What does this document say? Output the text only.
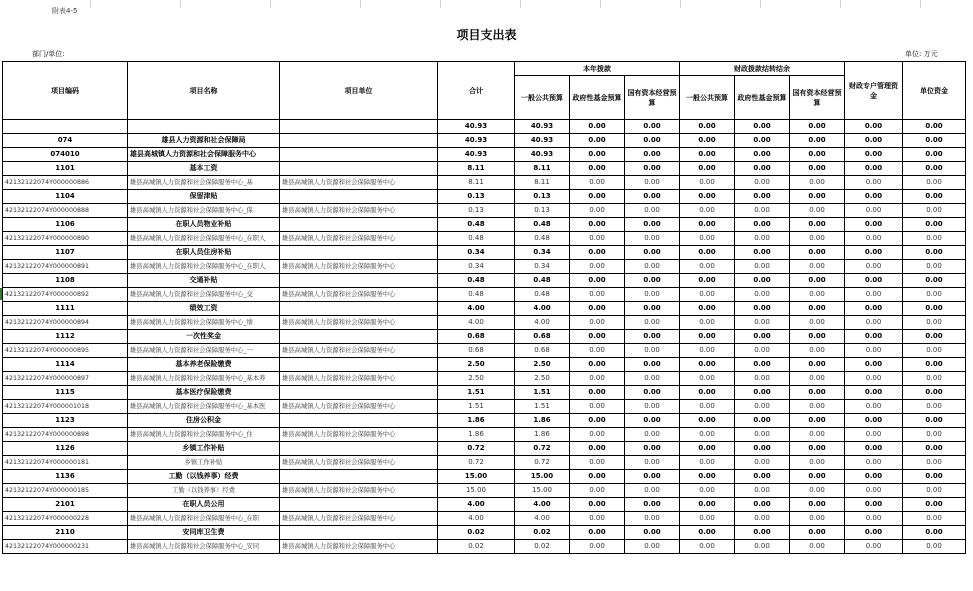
附表4-5
项目支出表
部门/单位:	单位: 万元
项目编码	项目名称	项目单位	合计	本年拨款			财政拨款结转结余			财政专户管理资金	单位资金
				一般公共预算	政府性基金预算	国有资本经营预算	一般公共预算	政府性基金预算	国有资本经营预算		
			40.93	40.93	0.00	0.00	0.00	0.00	0.00	0.00	0.00
074	雄县人力资源和社会保障局		40.93	40.93	0.00	0.00	0.00	0.00	0.00	0.00	0.00
074010	雄县高城镇人力资源和社会保障服务中心		40.93	40.93	0.00	0.00	0.00	0.00	0.00	0.00	0.00
1101	基本工资		8.11	8.11	0.00	0.00	0.00	0.00	0.00	0.00	0.00
42132122074Y000000886	雄县高城镇人力资源和社会保障服务中心_基	雄县高城镇人力资源和社会保障服务中心	8.11	8.11	0.00	0.00	0.00	0.00	0.00	0.00	0.00
1104	保留津贴		0.13	0.13	0.00	0.00	0.00	0.00	0.00	0.00	0.00
42132122074Y000000888	雄县高城镇人力资源和社会保障服务中心_保	雄县高城镇人力资源和社会保障服务中心	0.13	0.13	0.00	0.00	0.00	0.00	0.00	0.00	0.00
1106	在职人员物业补贴		0.48	0.48	0.00	0.00	0.00	0.00	0.00	0.00	0.00
42132122074Y000000890	雄县高城镇人力资源和社会保障服务中心_在职人	雄县高城镇人力资源和社会保障服务中心	0.48	0.48	0.00	0.00	0.00	0.00	0.00	0.00	0.00
1107	在职人员住房补贴		0.34	0.34	0.00	0.00	0.00	0.00	0.00	0.00	0.00
42132122074Y000000891	雄县高城镇人力资源和社会保障服务中心_在职人	雄县高城镇人力资源和社会保障服务中心	0.34	0.34	0.00	0.00	0.00	0.00	0.00	0.00	0.00
1108	交通补贴		0.48	0.48	0.00	0.00	0.00	0.00	0.00	0.00	0.00
42132122074Y000000892	雄县高城镇人力资源和社会保障服务中心_交	雄县高城镇人力资源和社会保障服务中心	0.48	0.48	0.00	0.00	0.00	0.00	0.00	0.00	0.00
1111	绩效工资		4.00	4.00	0.00	0.00	0.00	0.00	0.00	0.00	0.00
42132122074Y000000894	雄县高城镇人力资源和社会保障服务中心_绩	雄县高城镇人力资源和社会保障服务中心	4.00	4.00	0.00	0.00	0.00	0.00	0.00	0.00	0.00
1112	一次性奖金		0.68	0.68	0.00	0.00	0.00	0.00	0.00	0.00	0.00
42132122074Y000000895	雄县高城镇人力资源和社会保障服务中心_一	雄县高城镇人力资源和社会保障服务中心	0.68	0.68	0.00	0.00	0.00	0.00	0.00	0.00	0.00
1114	基本养老保险缴费		2.50	2.50	0.00	0.00	0.00	0.00	0.00	0.00	0.00
42132122074Y000000897	雄县高城镇人力资源和社会保障服务中心_基本养	雄县高城镇人力资源和社会保障服务中心	2.50	2.50	0.00	0.00	0.00	0.00	0.00	0.00	0.00
1115	基本医疗保险缴费		1.51	1.51	0.00	0.00	0.00	0.00	0.00	0.00	0.00
42132122074Y000001018	雄县高城镇人力资源和社会保障服务中心_基本医	雄县高城镇人力资源和社会保障服务中心	1.51	1.51	0.00	0.00	0.00	0.00	0.00	0.00	0.00
1123	住房公积金		1.86	1.86	0.00	0.00	0.00	0.00	0.00	0.00	0.00
42132122074Y000000898	雄县高城镇人力资源和社会保障服务中心_住	雄县高城镇人力资源和社会保障服务中心	1.86	1.86	0.00	0.00	0.00	0.00	0.00	0.00	0.00
1126	乡镇工作补贴		0.72	0.72	0.00	0.00	0.00	0.00	0.00	0.00	0.00
42132122074Y000000181	乡镇工作补贴	雄县高城镇人力资源和社会保障服务中心	0.72	0.72	0.00	0.00	0.00	0.00	0.00	0.00	0.00
1136	工勤（以钱养事）经费		15.00	15.00	0.00	0.00	0.00	0.00	0.00	0.00	0.00
42132122074Y000000185	工勤（以钱养事）经费	雄县高城镇人力资源和社会保障服务中心	15.00	15.00	0.00	0.00	0.00	0.00	0.00	0.00	0.00
2101	在职人员公用		4.00	4.00	0.00	0.00	0.00	0.00	0.00	0.00	0.00
42132122074Y000000228	雄县高城镇人力资源和社会保障服务中心_在职	雄县高城镇人力资源和社会保障服务中心	4.00	4.00	0.00	0.00	0.00	0.00	0.00	0.00	0.00
2110	安同库卫生费		0.02	0.02	0.00	0.00	0.00	0.00	0.00	0.00	0.00
42132122074Y000000231	雄县高城镇人力资源和社会保障服务中心_安同	雄县高城镇人力资源和社会保障服务中心	0.02	0.02	0.00	0.00	0.00	0.00	0.00	0.00	0.00
